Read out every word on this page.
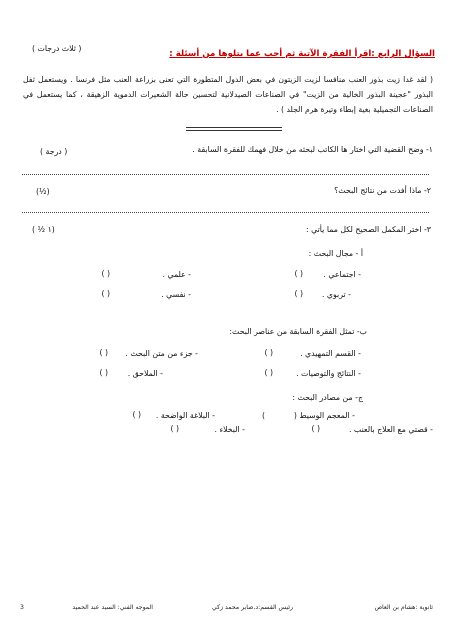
السؤال الرابع :اقرأ الفقرة الآتية ثم أجب عما يتلوها من أسئلة :
( ثلاث درجات )
( لقد غدا زيت بذور العنب منافسا لزيت الزيتون في بعض الدول المتطورة التي تعنى بزراعة العنب مثل فرنسا . ويستعمل ثفل البذور "عجينة البذور الخالية من الزيت" في الصناعات الصيدلانية لتحسين حالة الشعيرات الدموية الزهيقة ، كما يستعمل في الصناعات التجميلية بغية إبطاء وتيرة هرم الجلد ) .
١- وضح القضية التي اختار ها الكاتب لبحثه من خلال فهمك للفقرة السابقة .
( درجة )
٢- ماذا أفدت من نتائج البحث؟
(½)
٣- اختر المكمل الصحيح لكل مما يأتي :
( ½ ١)
أ - مجال البحث :
- اجتماعي .
( )
- علمي .
( )
- تربوي .
( )
- نفسي .
( )
ب- تمثل الفقرة السابقة من عناصر البحث:
- القسم التمهيدي .
( )
- جزء من متن البحث .
( )
- النتائج والتوصيات .
( )
- الملاحق .
( )
ج- من مصادر البحث :
- المعجم الوسيط (
)
- البلاغة الواضحة .
( )
- قصتي مع العلاج بالعنب .
( )
- البخلاء .
( )
ثانوية :هشام بن العاص
رئيس القسم:د.صابر محمد زكي
الموجه الفني: السيد عبد الحميد
3
